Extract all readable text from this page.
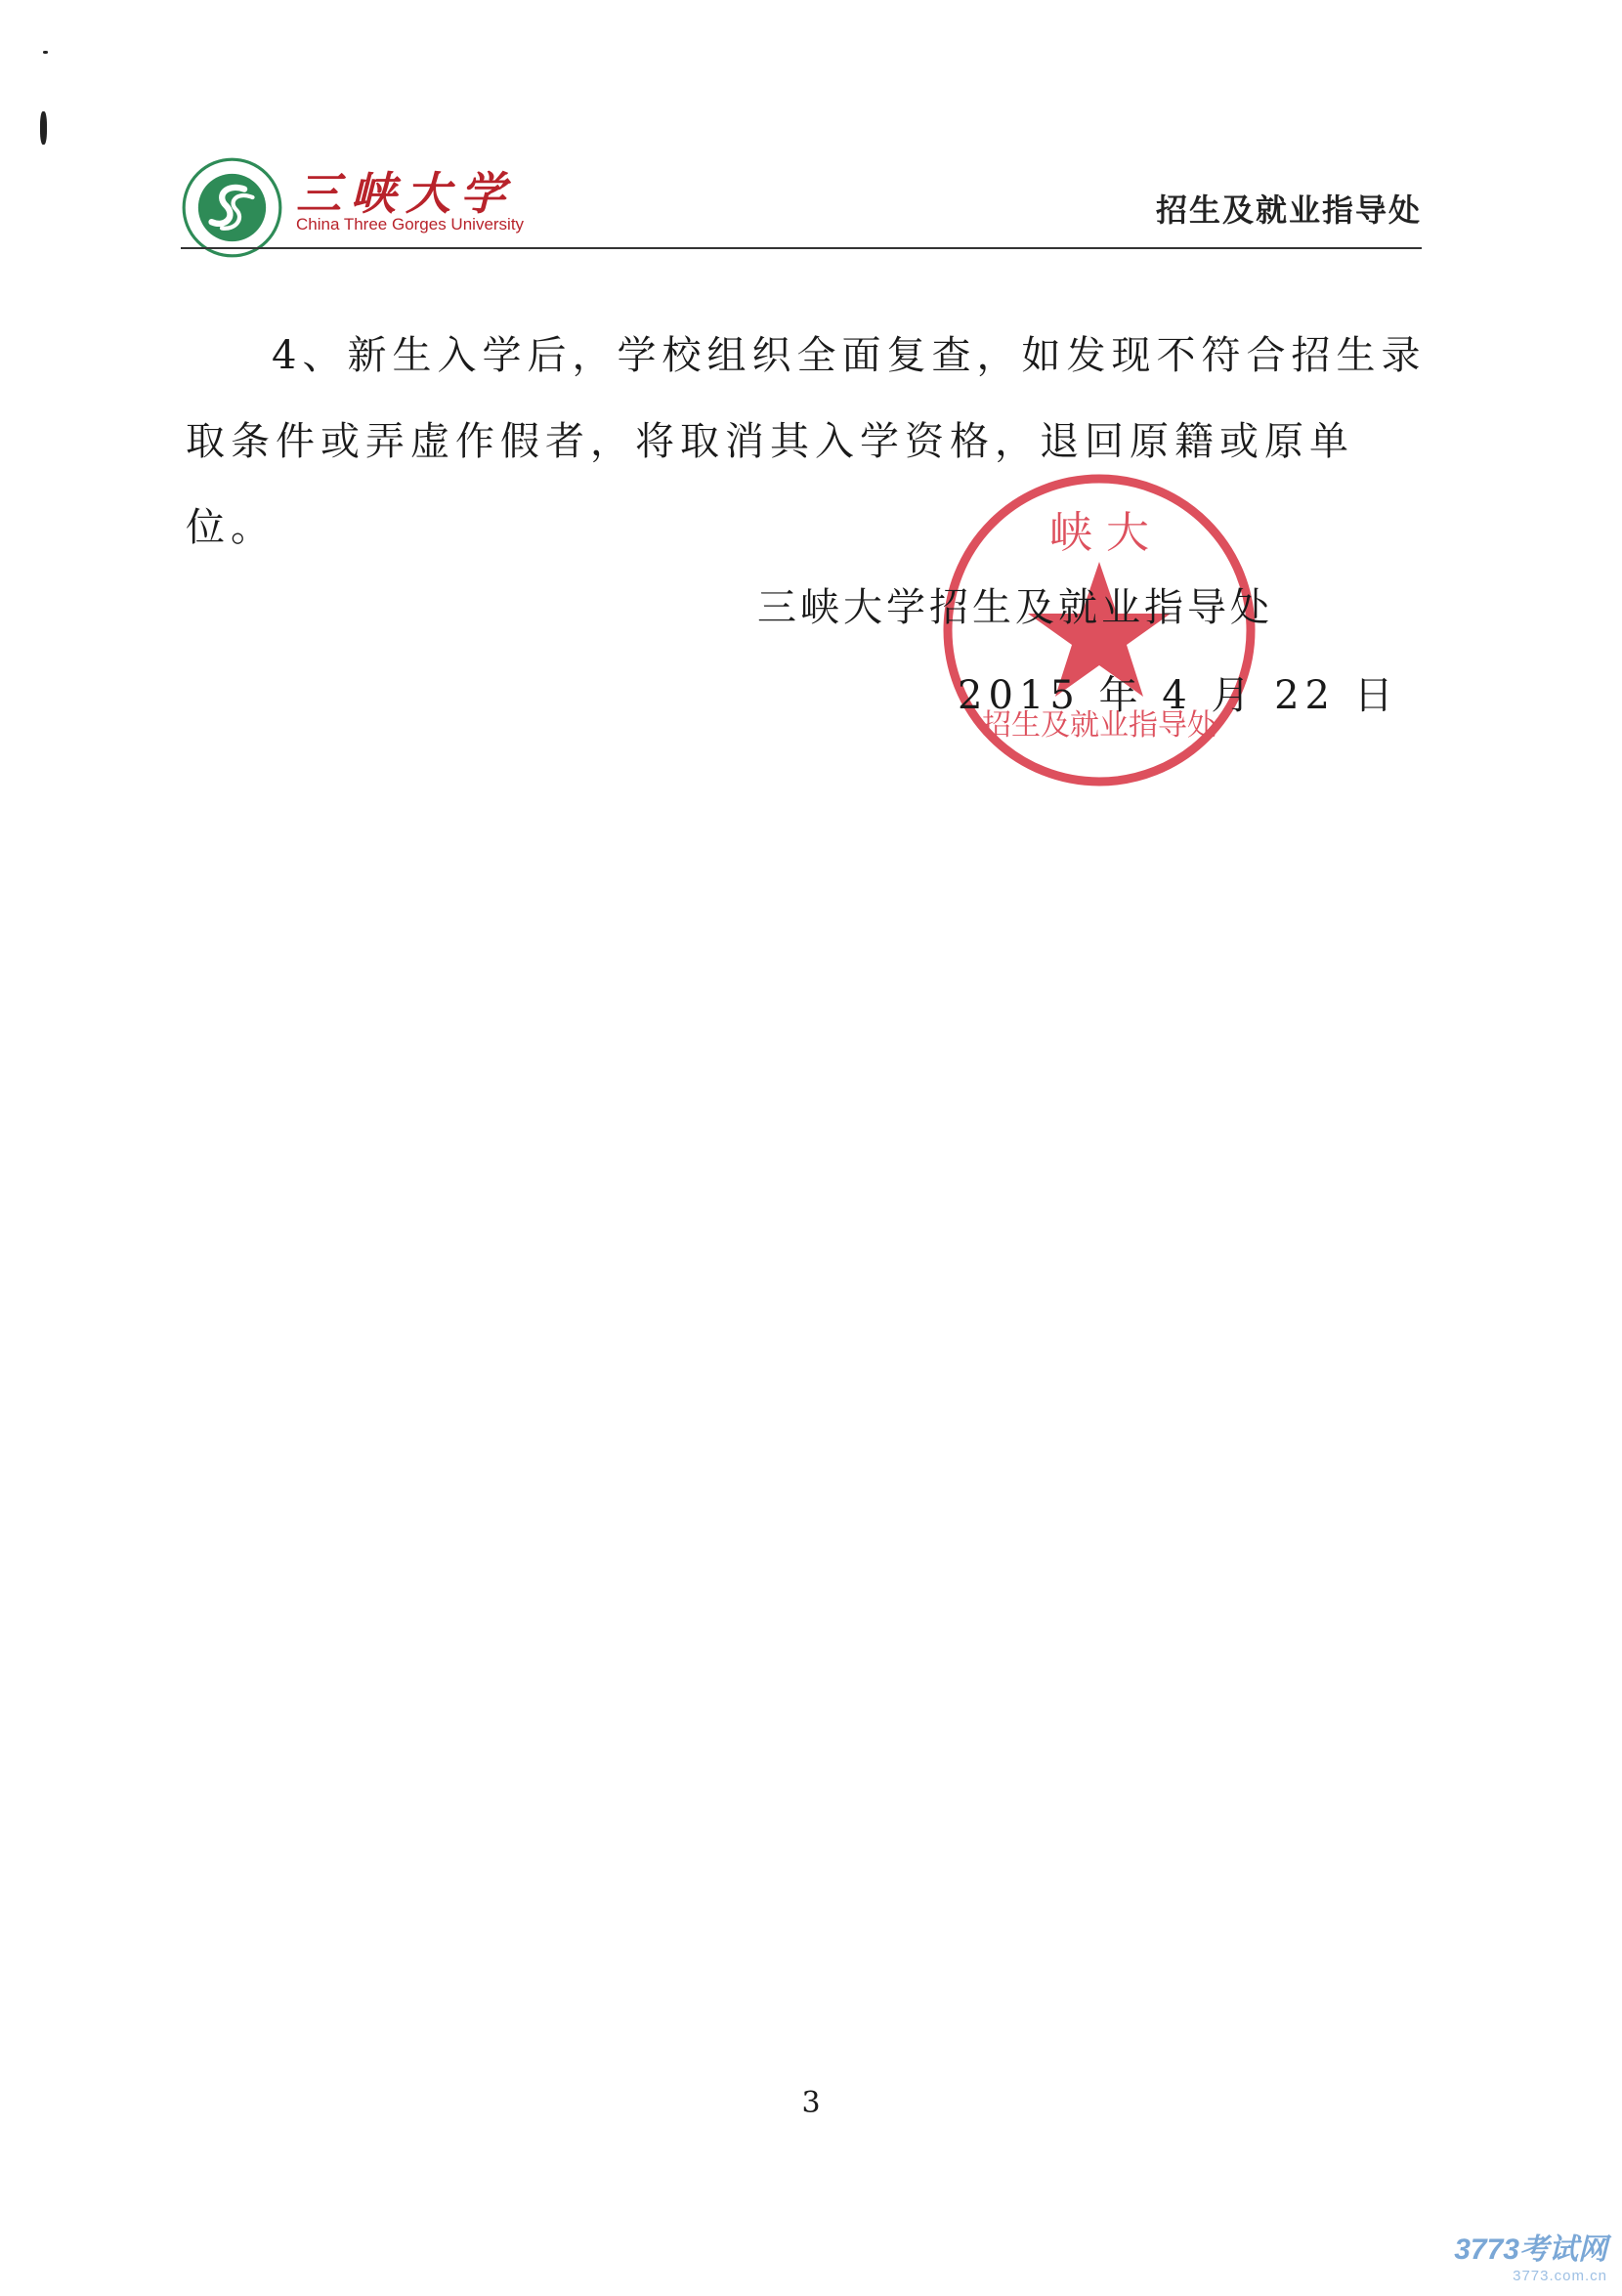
三峡大学
China Three Gorges University	招生及就业指导处
4、新生入学后，学校组织全面复查，如发现不符合招生录取条件或弄虚作假者，将取消其入学资格，退回原籍或原单位。	峡 大
招生及就业指导处
三峡大学招生及就业指导处
2015 年 4 月 22 日
3
3773考试网
3773.com.cn
